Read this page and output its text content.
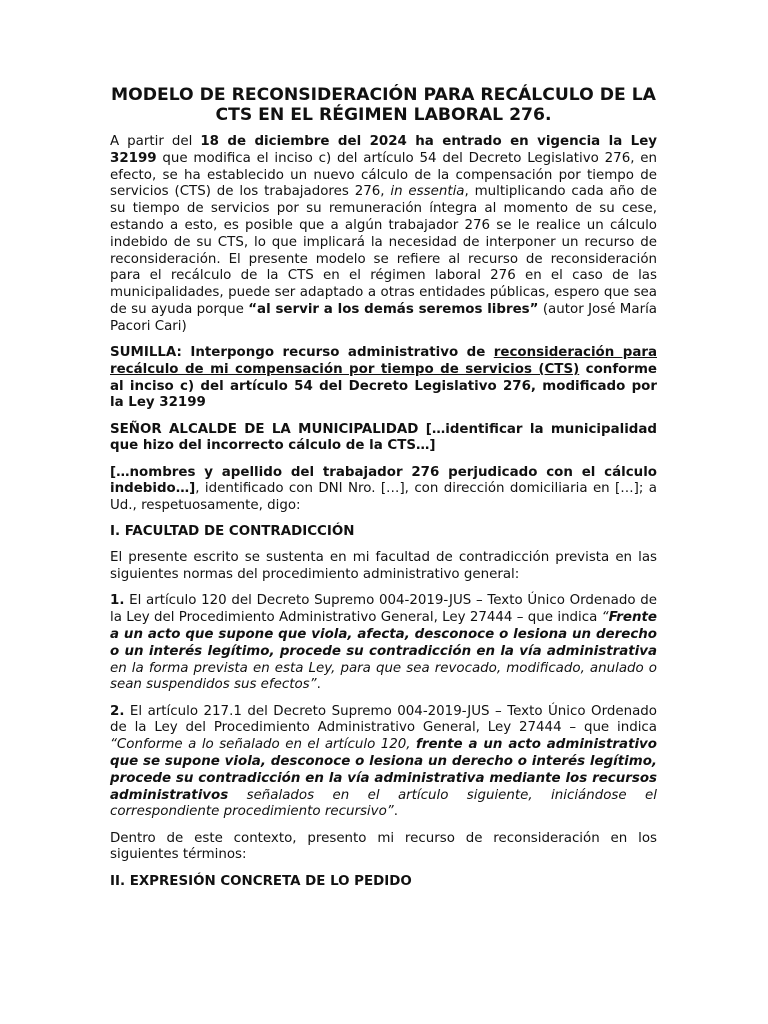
MODELO DE RECONSIDERACIÓN PARA RECÁLCULO DE LA CTS EN EL RÉGIMEN LABORAL 276.

A partir del 18 de diciembre del 2024 ha entrado en vigencia la Ley 32199 que modifica el inciso c) del artículo 54 del Decreto Legislativo 276, en efecto, se ha establecido un nuevo cálculo de la compensación por tiempo de servicios (CTS) de los trabajadores 276, in essentia, multiplicando cada año de su tiempo de servicios por su remuneración íntegra al momento de su cese, estando a esto, es posible que a algún trabajador 276 se le realice un cálculo indebido de su CTS, lo que implicará la necesidad de interponer un recurso de reconsideración. El presente modelo se refiere al recurso de reconsideración para el recálculo de la CTS en el régimen laboral 276 en el caso de las municipalidades, puede ser adaptado a otras entidades públicas, espero que sea de su ayuda porque “al servir a los demás seremos libres” (autor José María Pacori Cari)

SUMILLA: Interpongo recurso administrativo de reconsideración para recálculo de mi compensación por tiempo de servicios (CTS) conforme al inciso c) del artículo 54 del Decreto Legislativo 276, modificado por la Ley 32199

SEÑOR ALCALDE DE LA MUNICIPALIDAD […identificar la municipalidad que hizo del incorrecto cálculo de la CTS…]

[…nombres y apellido del trabajador 276 perjudicado con el cálculo indebido…], identificado con DNI Nro. […], con dirección domiciliaria en […]; a Ud., respetuosamente, digo:

I. FACULTAD DE CONTRADICCIÓN

El presente escrito se sustenta en mi facultad de contradicción prevista en las siguientes normas del procedimiento administrativo general:

1. El artículo 120 del Decreto Supremo 004-2019-JUS – Texto Único Ordenado de la Ley del Procedimiento Administrativo General, Ley 27444 – que indica “Frente a un acto que supone que viola, afecta, desconoce o lesiona un derecho o un interés legítimo, procede su contradicción en la vía administrativa en la forma prevista en esta Ley, para que sea revocado, modificado, anulado o sean suspendidos sus efectos”.

2. El artículo 217.1 del Decreto Supremo 004-2019-JUS – Texto Único Ordenado de la Ley del Procedimiento Administrativo General, Ley 27444 – que indica “Conforme a lo señalado en el artículo 120, frente a un acto administrativo que se supone viola, desconoce o lesiona un derecho o interés legítimo, procede su contradicción en la vía administrativa mediante los recursos administrativos señalados en el artículo siguiente, iniciándose el correspondiente procedimiento recursivo”.

Dentro de este contexto, presento mi recurso de reconsideración en los siguientes términos:

II. EXPRESIÓN CONCRETA DE LO PEDIDO
